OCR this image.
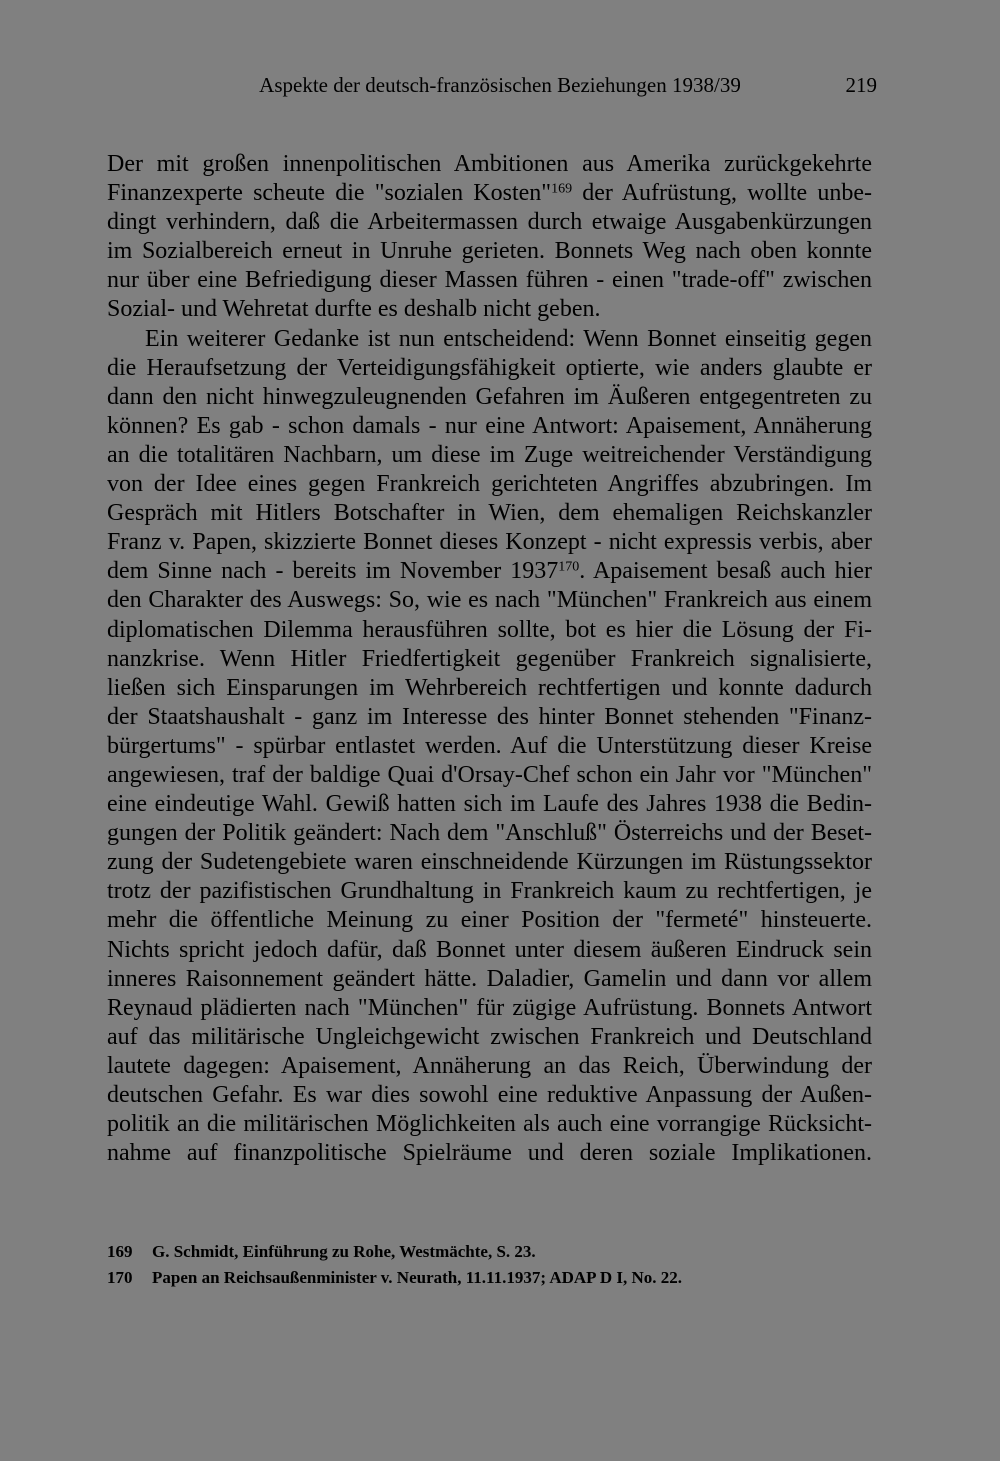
Aspekte der deutsch-französischen Beziehungen 1938/39	219
Der mit großen innenpolitischen Ambitionen aus Amerika zurückgekehrte
Finanzexperte scheute die "sozialen Kosten"$^{169}$ der Aufrüstung, wollte unbe-
dingt verhindern, daß die Arbeitermassen durch etwaige Ausgabenkürzungen
im Sozialbereich erneut in Unruhe gerieten. Bonnets Weg nach oben konnte
nur über eine Befriedigung dieser Massen führen - einen "trade-off" zwischen
Sozial- und Wehretat durfte es deshalb nicht geben.
Ein weiterer Gedanke ist nun entscheidend: Wenn Bonnet einseitig gegen
die Heraufsetzung der Verteidigungsfähigkeit optierte, wie anders glaubte er
dann den nicht hinwegzuleugnenden Gefahren im Äußeren entgegentreten zu
können? Es gab - schon damals - nur eine Antwort: Apaisement, Annäherung
an die totalitären Nachbarn, um diese im Zuge weitreichender Verständigung
von der Idee eines gegen Frankreich gerichteten Angriffes abzubringen. Im
Gespräch mit Hitlers Botschafter in Wien, dem ehemaligen Reichskanzler
Franz v. Papen, skizzierte Bonnet dieses Konzept - nicht expressis verbis, aber
dem Sinne nach - bereits im November 1937$^{170}$. Apaisement besaß auch hier
den Charakter des Auswegs: So, wie es nach "München" Frankreich aus einem
diplomatischen Dilemma herausführen sollte, bot es hier die Lösung der Fi-
nanzkrise. Wenn Hitler Friedfertigkeit gegenüber Frankreich signalisierte,
ließen sich Einsparungen im Wehrbereich rechtfertigen und konnte dadurch
der Staatshaushalt - ganz im Interesse des hinter Bonnet stehenden "Finanz-
bürgertums" - spürbar entlastet werden. Auf die Unterstützung dieser Kreise
angewiesen, traf der baldige Quai d'Orsay-Chef schon ein Jahr vor "München"
eine eindeutige Wahl. Gewiß hatten sich im Laufe des Jahres 1938 die Bedin-
gungen der Politik geändert: Nach dem "Anschluß" Österreichs und der Beset-
zung der Sudetengebiete waren einschneidende Kürzungen im Rüstungssektor
trotz der pazifistischen Grundhaltung in Frankreich kaum zu rechtfertigen, je
mehr die öffentliche Meinung zu einer Position der "fermeté" hinsteuerte.
Nichts spricht jedoch dafür, daß Bonnet unter diesem äußeren Eindruck sein
inneres Raisonnement geändert hätte. Daladier, Gamelin und dann vor allem
Reynaud plädierten nach "München" für zügige Aufrüstung. Bonnets Antwort
auf das militärische Ungleichgewicht zwischen Frankreich und Deutschland
lautete dagegen: Apaisement, Annäherung an das Reich, Überwindung der
deutschen Gefahr. Es war dies sowohl eine reduktive Anpassung der Außen-
politik an die militärischen Möglichkeiten als auch eine vorrangige Rücksicht-
nahme auf finanzpolitische Spielräume und deren soziale Implikationen.
169 G. Schmidt, Einführung zu Rohe, Westmächte, S. 23.
170 Papen an Reichsaußenminister v. Neurath, 11.11.1937; ADAP D I, No. 22.
